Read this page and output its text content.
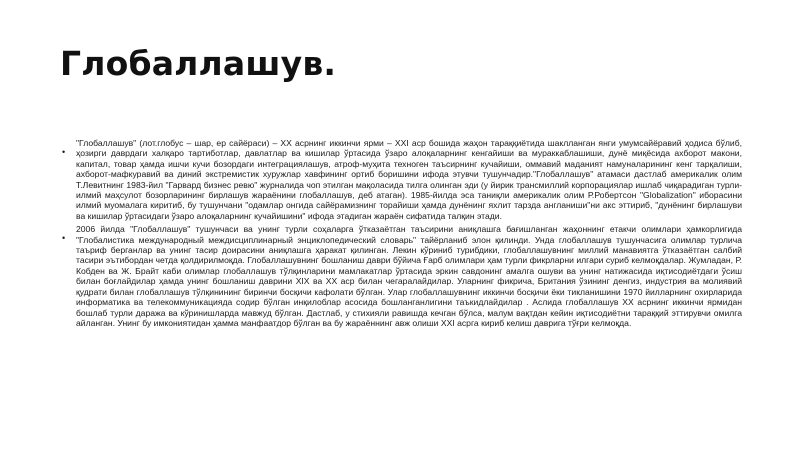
Глобаллашув.
•
"Глобаллашув" (лот.глобус – шар, ер сайёраси) – XX асрнинг иккинчи ярми – XXI аср бошида жаҳон тараққиётида шаклланган янги умумсайёравий ҳодиса бўлиб, ҳозирги даврдаги халқаро тартиботлар, давлатлар ва кишилар ўртасида ўзаро алоқаларнинг кенгайиши ва мураккаблашиши, дунё миқёсида ахборот макони, капитал, товар ҳамда ишчи кучи бозордаги интеграциялашув, атроф-муҳита техноген таъсирнинг кучайиши, оммавий маданият намуналарининг кенг тарқалиши, ахборот-мафкуравий ва диний экстремистик хуружлар хавфининг ортиб боришини ифода этувчи тушунчадир."Глобаллашув" атамаси дастлаб америкалик олим Т.Левитнинг 1983-йил "Гарвард бизнес ревю" журналида чоп этилган мақоласида тилга олинган эди (у йирик трансмиллий корпорациялар ишлаб чиқарадиган турли-илмий маҳсулот бозорларининг бирлашув жараёнини глобаллашув, деб атаган). 1985-йилда эса таниқли америкалик олим Р.Робертсон "Globalization" иборасини илмий муомалага киритиб, бу тушунчани "одамлар онгида сайёрамизнинг торайиши ҳамда дунёнинг яхлит тарзда англаниши"ни акс эттириб, "дунёнинг бирлашуви ва кишилар ўртасидаги ўзаро алоқаларнинг кучайишини" ифода этадиган жараён сифатида талқин этади.
•
2006 йилда "Глобаллашув" тушунчаси ва унинг турли соҳаларга ўтказаётган таъсирини аниқлашга бағишланган жаҳоннинг етакчи олимлари ҳамкорлигида "Глобалистика международный междисциплинарный энциклопедический словарь" тайёрланиб элон қилинди. Унда глобаллашув тушунчасига олимлар турлича таъриф берганлар ва унинг тасир доирасини аниқлашга ҳаракат қилинган. Лекин кўриниб турибдики, глобаллашувнинг миллий манавиятга ўтказаётган салбий тасири эътибордан четда қолдирилмоқда. Глобаллашувнинг бошланиш даври бўйича Ғарб олимлари ҳам турли фикрларни илгари суриб келмоқдалар. Жумладан, Р. Кобден ва Ж. Брайт каби олимлар глобаллашув тўлқинларини мамлакатлар ўртасида эркин савдонинг амалга ошуви ва унинг натижасида иқтисодиётдаги ўсиш билан боғлайдилар ҳамда унинг бошланиш даврини XIX ва XX аср билан чегаралайдилар. Уларнинг фикрича, Британия ўзининг денгиз, индустрия ва молиявий қудрати билан глобаллашув тўлқинининг биринчи босқичи кафолати бўлган. Улар глобаллашувнинг иккинчи босқичи ёки тикланишини 1970 йилларнинг охирларида информатика ва телекоммуникацияда содир бўлган инқилоблар асосида бошланганлигини таъкидлайдилар . Аслида глобаллашув XX асрнинг иккинчи ярмидан бошлаб турли даража ва кўринишларда мавжуд бўлган. Дастлаб, у стихияли равишда кечган бўлса, малум вақтдан кейин иқтисодиётни тараққий эттирувчи омилга айланган. Унинг бу имкониятидан ҳамма манфаатдор бўлган ва бу жараённинг авж олиши XXI асрга кириб келиш даврига тўғри келмоқда.
